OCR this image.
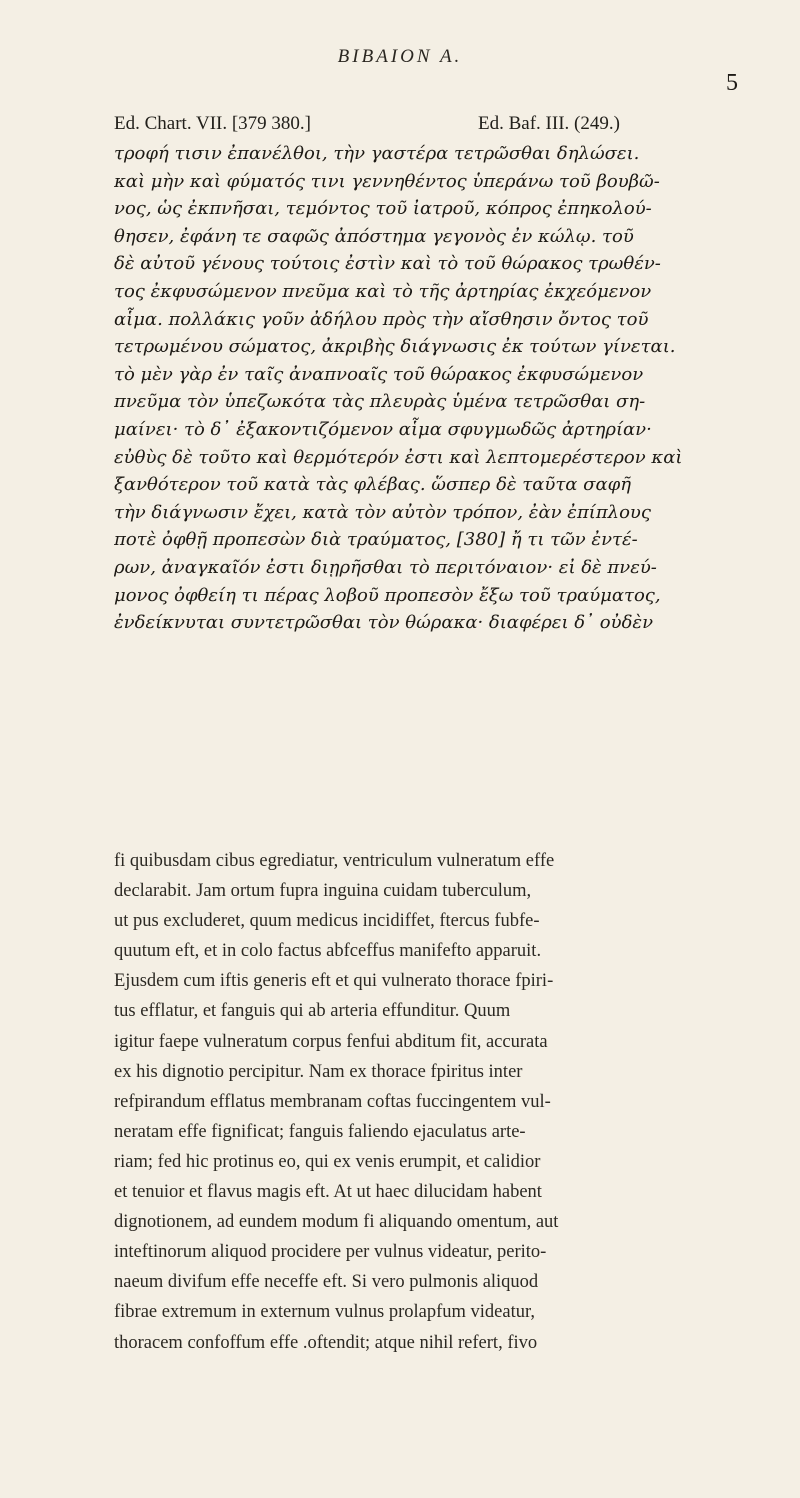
BIBAION A.
5
Ed. Chart. VII. [379 380.]	Ed. Baf. III. (249.)
τροφή τισιν ἐπανέλθοι, τὴν γαστέρα τετρῶσθαι δηλώσει.
καὶ μὴν καὶ φύματός τινι γεννηθέντος ὑπεράνω τοῦ βουβῶ-
νος, ὡς ἐκπνῆσαι, τεμόντος τοῦ ἰατροῦ, κόπρος ἐπηκολού-
θησεν, ἐφάνη τε σαφῶς ἀπόστημα γεγονὸς ἐν κώλῳ. τοῦ
δὲ αὐτοῦ γένους τούτοις ἐστὶν καὶ τὸ τοῦ θώρακος τρωθέν-
τος ἐκφυσώμενον πνεῦμα καὶ τὸ τῆς ἀρτηρίας ἐκχεόμενον
αἷμα. πολλάκις γοῦν ἀδήλου πρὸς τὴν αἴσθησιν ὄντος τοῦ
τετρωμένου σώματος, ἀκριβὴς διάγνωσις ἐκ τούτων γίνεται.
τὸ μὲν γὰρ ἐν ταῖς ἀναπνοαῖς τοῦ θώρακος ἐκφυσώμενον
πνεῦμα τὸν ὑπεζωκότα τὰς πλευρὰς ὑμένα τετρῶσθαι ση-
μαίνει· τὸ δ᾽ ἐξακοντιζόμενον αἷμα σφυγμωδῶς ἀρτηρίαν·
εὐθὺς δὲ τοῦτο καὶ θερμότερόν ἐστι καὶ λεπτομερέστερον καὶ
ξανθότερον τοῦ κατὰ τὰς φλέβας. ὥσπερ δὲ ταῦτα σαφῆ
τὴν διάγνωσιν ἔχει, κατὰ τὸν αὐτὸν τρόπον, ἐὰν ἐπίπλους
ποτὲ ὀφθῇ προπεσὼν διὰ τραύματος, [380] ἤ τι τῶν ἐντέ-
ρων, ἀναγκαῖόν ἐστι διῃρῆσθαι τὸ περιτόναιον· εἰ δὲ πνεύ-
μονος ὀφθείη τι πέρας λοβοῦ προπεσὸν ἔξω τοῦ τραύματος,
ἐνδείκνυται συντετρῶσθαι τὸν θώρακα· διαφέρει δ᾽ οὐδὲν
fi quibusdam cibus egrediatur, ventriculum vulneratum effe
declarabit. Jam ortum fupra inguina cuidam tuberculum,
ut pus excluderet, quum medicus incidiffet, ftercus fubfe-
quutum eft, et in colo factus abfceffus manifefto apparuit.
Ejusdem cum iftis generis eft et qui vulnerato thorace fpiri-
tus efflatur, et fanguis qui ab arteria effunditur. Quum
igitur faepe vulneratum corpus fenfui abditum fit, accurata
ex his dignotio percipitur. Nam ex thorace fpiritus inter
refpirandum efflatus membranam coftas fuccingentem vul-
neratam effe fignificat; fanguis faliendo ejaculatus arte-
riam; fed hic protinus eo, qui ex venis erumpit, et calidior
et tenuior et flavus magis eft. At ut haec dilucidam habent
dignotionem, ad eundem modum fi aliquando omentum, aut
inteftinorum aliquod procidere per vulnus videatur, perito-
naeum divifum effe neceffe eft. Si vero pulmonis aliquod
fibrae extremum in externum vulnus prolapfum videatur,
thoracem confoffum effe .oftendit; atque nihil refert, fivo
